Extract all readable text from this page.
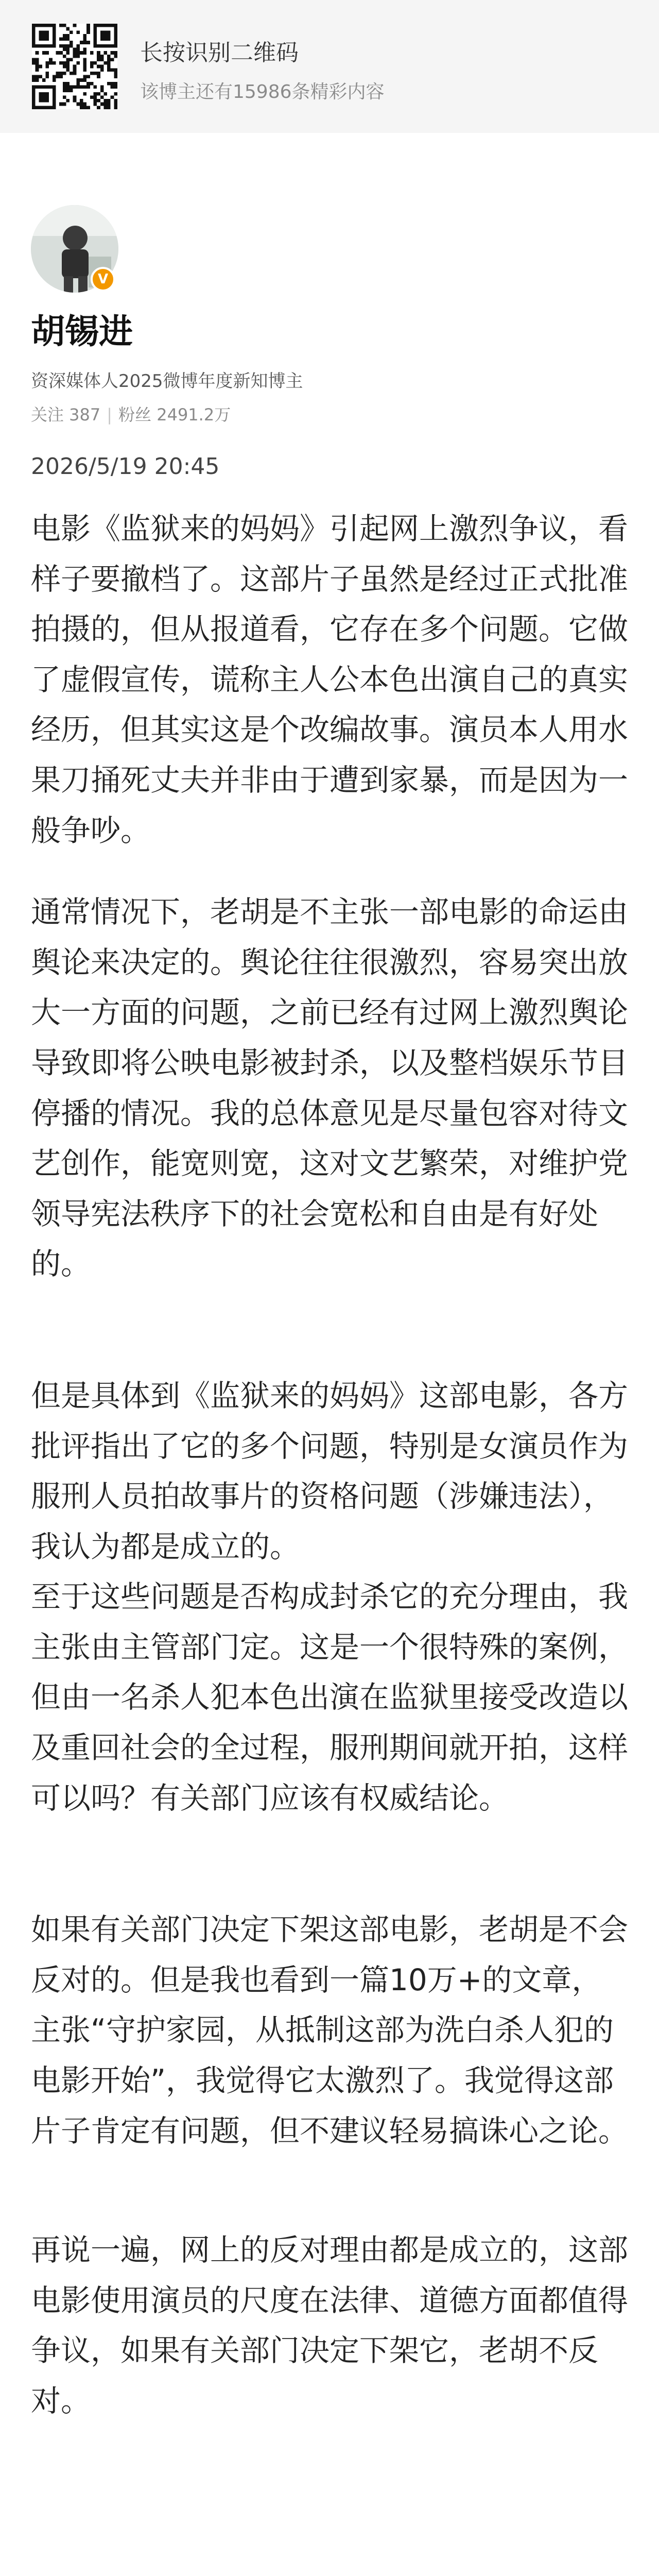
长按识别二维码
该博主还有15986条精彩内容
V
胡锡进
资深媒体人2025微博年度新知博主
关注 387 | 粉丝 2491.2万
2026/5/19 20:45

电影《监狱来的妈妈》引起网上激烈争议，看样子要撤档了。这部片子虽然是经过正式批准拍摄的，但从报道看，它存在多个问题。它做了虚假宣传，谎称主人公本色出演自己的真实经历，但其实这是个改编故事。演员本人用水果刀捅死丈夫并非由于遭到家暴，而是因为一般争吵。

通常情况下，老胡是不主张一部电影的命运由舆论来决定的。舆论往往很激烈，容易突出放大一方面的问题，之前已经有过网上激烈舆论导致即将公映电影被封杀，以及整档娱乐节目停播的情况。我的总体意见是尽量包容对待文艺创作，能宽则宽，这对文艺繁荣，对维护党领导宪法秩序下的社会宽松和自由是有好处的。

但是具体到《监狱来的妈妈》这部电影，各方批评指出了它的多个问题，特别是女演员作为服刑人员拍故事片的资格问题（涉嫌违法），我认为都是成立的。

至于这些问题是否构成封杀它的充分理由，我主张由主管部门定。这是一个很特殊的案例，但由一名杀人犯本色出演在监狱里接受改造以及重回社会的全过程，服刑期间就开拍，这样可以吗？有关部门应该有权威结论。

如果有关部门决定下架这部电影，老胡是不会反对的。但是我也看到一篇10万+的文章，主张“守护家园，从抵制这部为洗白杀人犯的电影开始”，我觉得它太激烈了。我觉得这部片子肯定有问题，但不建议轻易搞诛心之论。

再说一遍，网上的反对理由都是成立的，这部电影使用演员的尺度在法律、道德方面都值得争议，如果有关部门决定下架它，老胡不反对。
